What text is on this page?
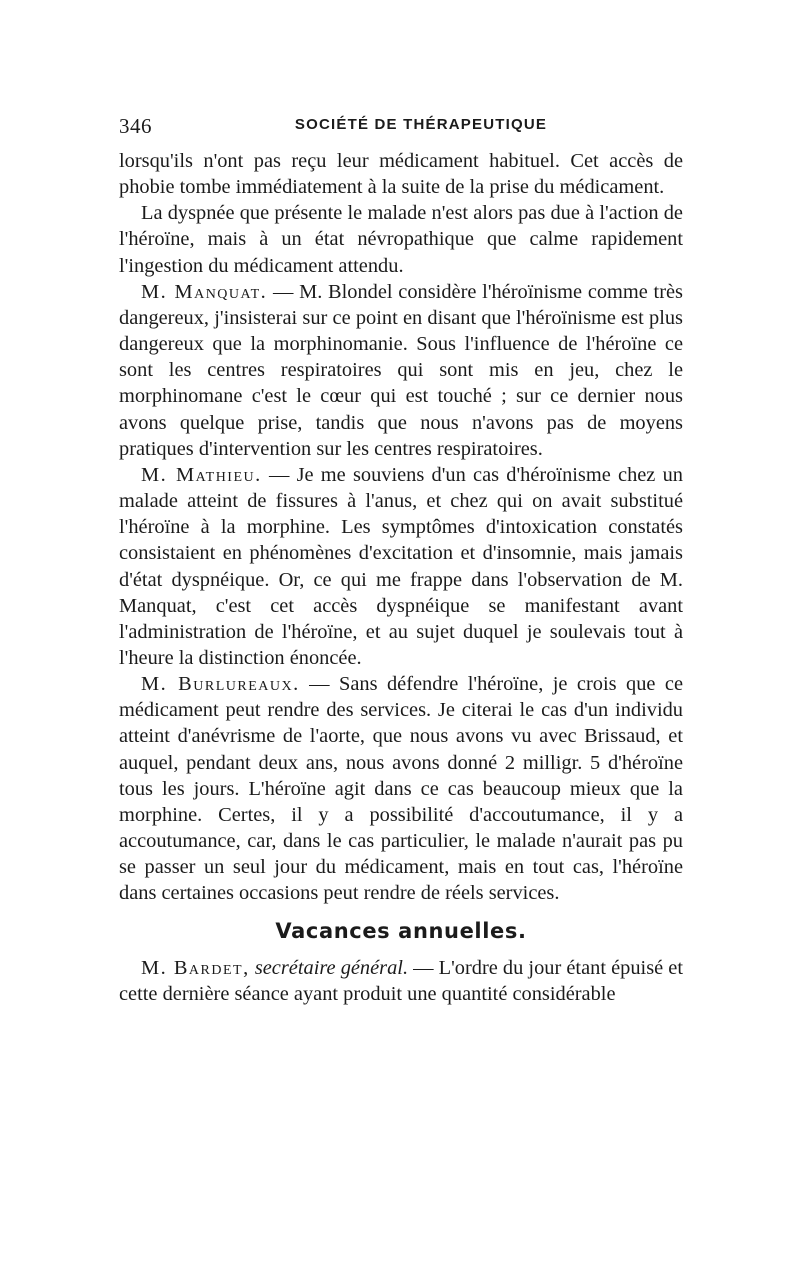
346	SOCIÉTÉ DE THÉRAPEUTIQUE

lorsqu'ils n'ont pas reçu leur médicament habituel. Cet accès de phobie tombe immédiatement à la suite de la prise du médicament.

La dyspnée que présente le malade n'est alors pas due à l'action de l'héroïne, mais à un état névropathique que calme rapidement l'ingestion du médicament attendu.

M. Manquat. — M. Blondel considère l'héroïnisme comme très dangereux, j'insisterai sur ce point en disant que l'héroïnisme est plus dangereux que la morphinomanie. Sous l'influence de l'héroïne ce sont les centres respiratoires qui sont mis en jeu, chez le morphinomane c'est le cœur qui est touché ; sur ce dernier nous avons quelque prise, tandis que nous n'avons pas de moyens pratiques d'intervention sur les centres respiratoires.

M. Mathieu. — Je me souviens d'un cas d'héroïnisme chez un malade atteint de fissures à l'anus, et chez qui on avait substitué l'héroïne à la morphine. Les symptômes d'intoxication constatés consistaient en phénomènes d'excitation et d'insomnie, mais jamais d'état dyspnéique. Or, ce qui me frappe dans l'observation de M. Manquat, c'est cet accès dyspnéique se manifestant avant l'administration de l'héroïne, et au sujet duquel je soulevais tout à l'heure la distinction énoncée.

M. Burlureaux. — Sans défendre l'héroïne, je crois que ce médicament peut rendre des services. Je citerai le cas d'un individu atteint d'anévrisme de l'aorte, que nous avons vu avec Brissaud, et auquel, pendant deux ans, nous avons donné 2 milligr. 5 d'héroïne tous les jours. L'héroïne agit dans ce cas beaucoup mieux que la morphine. Certes, il y a possibilité d'accoutumance, il y a accoutumance, car, dans le cas particulier, le malade n'aurait pas pu se passer un seul jour du médicament, mais en tout cas, l'héroïne dans certaines occasions peut rendre de réels services.

Vacances annuelles.

M. Bardet, secrétaire général. — L'ordre du jour étant épuisé et cette dernière séance ayant produit une quantité considérable
